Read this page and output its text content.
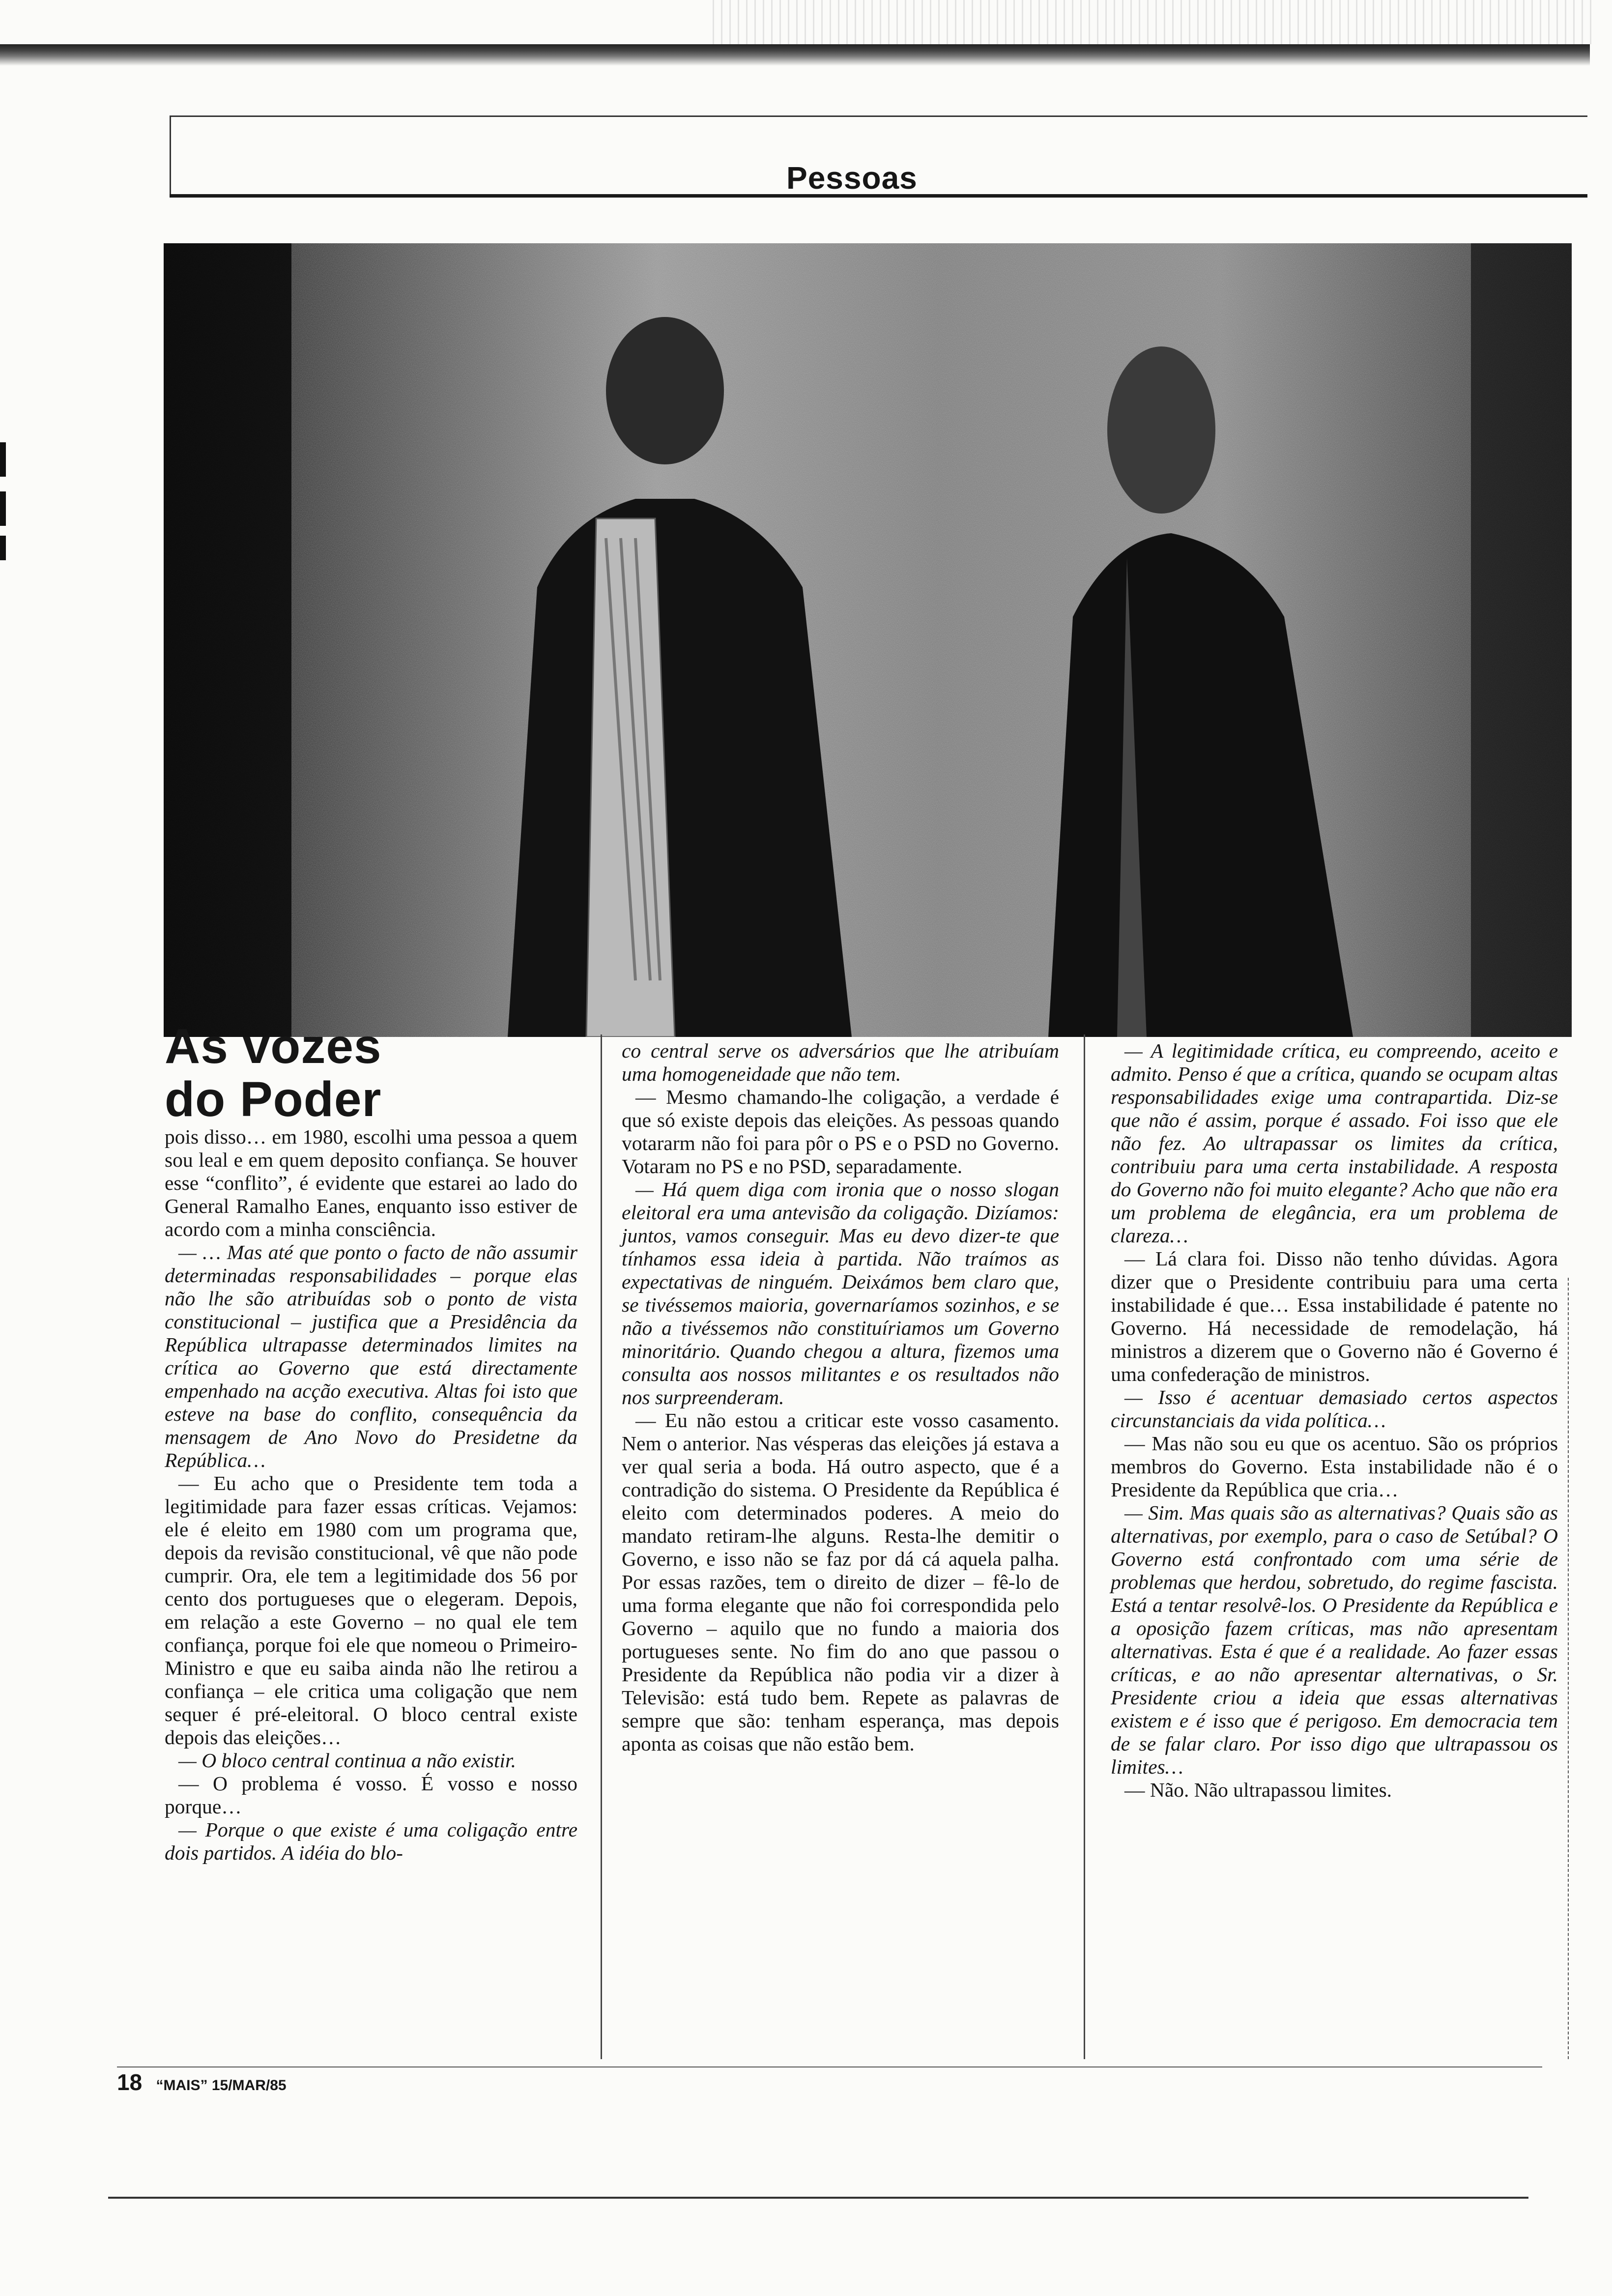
Pessoas
As vozes
do Poder

pois disso… em 1980, escolhi uma pessoa a quem sou leal e em quem deposito confiança. Se houver esse “conflito”, é evidente que estarei ao lado do General Ramalho Eanes, enquanto isso estiver de acordo com a minha consciência.

— … Mas até que ponto o facto de não assumir determinadas responsabilidades – porque elas não lhe são atribuídas sob o ponto de vista constitucional – justifica que a Presidência da República ultrapasse determinados limites na crítica ao Governo que está directamente empenhado na acção executiva. Altas foi isto que esteve na base do conflito, consequência da mensagem de Ano Novo do Presidetne da República…

— Eu acho que o Presidente tem toda a legitimidade para fazer essas críticas. Vejamos: ele é eleito em 1980 com um programa que, depois da revisão constitucional, vê que não pode cumprir. Ora, ele tem a legitimidade dos 56 por cento dos portugueses que o elegeram. Depois, em relação a este Governo – no qual ele tem confiança, porque foi ele que nomeou o Primeiro-Ministro e que eu saiba ainda não lhe retirou a confiança – ele critica uma coligação que nem sequer é pré-eleitoral. O bloco central existe depois das eleições…

— O bloco central continua a não existir.

— O problema é vosso. É vosso e nosso porque…

— Porque o que existe é uma coligação entre dois partidos. A idéia do blo-

co central serve os adversários que lhe atribuíam uma homogeneidade que não tem.

— Mesmo chamando-lhe coligação, a verdade é que só existe depois das eleições. As pessoas quando votararm não foi para pôr o PS e o PSD no Governo. Votaram no PS e no PSD, separadamente.

— Há quem diga com ironia que o nosso slogan eleitoral era uma antevisão da coligação. Dizíamos: juntos, vamos conseguir. Mas eu devo dizer-te que tínhamos essa ideia à partida. Não traímos as expectativas de ninguém. Deixámos bem claro que, se tivéssemos maioria, governaríamos sozinhos, e se não a tivéssemos não constituíriamos um Governo minoritário. Quando chegou a altura, fizemos uma consulta aos nossos militantes e os resultados não nos surpreenderam.

— Eu não estou a criticar este vosso casamento. Nem o anterior. Nas vésperas das eleições já estava a ver qual seria a boda. Há outro aspecto, que é a contradição do sistema. O Presidente da República é eleito com determinados poderes. A meio do mandato retiram-lhe alguns. Resta-lhe demitir o Governo, e isso não se faz por dá cá aquela palha. Por essas razões, tem o direito de dizer – fê-lo de uma forma elegante que não foi correspondida pelo Governo – aquilo que no fundo a maioria dos portugueses sente. No fim do ano que passou o Presidente da República não podia vir a dizer à Televisão: está tudo bem. Repete as palavras de sempre que são: tenham esperança, mas depois aponta as coisas que não estão bem.

— A legitimidade crítica, eu compreendo, aceito e admito. Penso é que a crítica, quando se ocupam altas responsabilidades exige uma contrapartida. Diz-se que não é assim, porque é assado. Foi isso que ele não fez. Ao ultrapassar os limites da crítica, contribuiu para uma certa instabilidade. A resposta do Governo não foi muito elegante? Acho que não era um problema de elegância, era um problema de clareza…

— Lá clara foi. Disso não tenho dúvidas. Agora dizer que o Presidente contribuiu para uma certa instabilidade é que… Essa instabilidade é patente no Governo. Há necessidade de remodelação, há ministros a dizerem que o Governo não é Governo é uma confederação de ministros.

— Isso é acentuar demasiado certos aspectos circunstanciais da vida política…

— Mas não sou eu que os acentuo. São os próprios membros do Governo. Esta instabilidade não é o Presidente da República que cria…

— Sim. Mas quais são as alternativas? Quais são as alternativas, por exemplo, para o caso de Setúbal? O Governo está confrontado com uma série de problemas que herdou, sobretudo, do regime fascista. Está a tentar resolvê-los. O Presidente da República e a oposição fazem críticas, mas não apresentam alternativas. Esta é que é a realidade. Ao fazer essas críticas, e ao não apresentar alternativas, o Sr. Presidente criou a ideia que essas alternativas existem e é isso que é perigoso. Em democracia tem de se falar claro. Por isso digo que ultrapassou os limites…

— Não. Não ultrapassou limites.

18 “MAIS” 15/MAR/85
